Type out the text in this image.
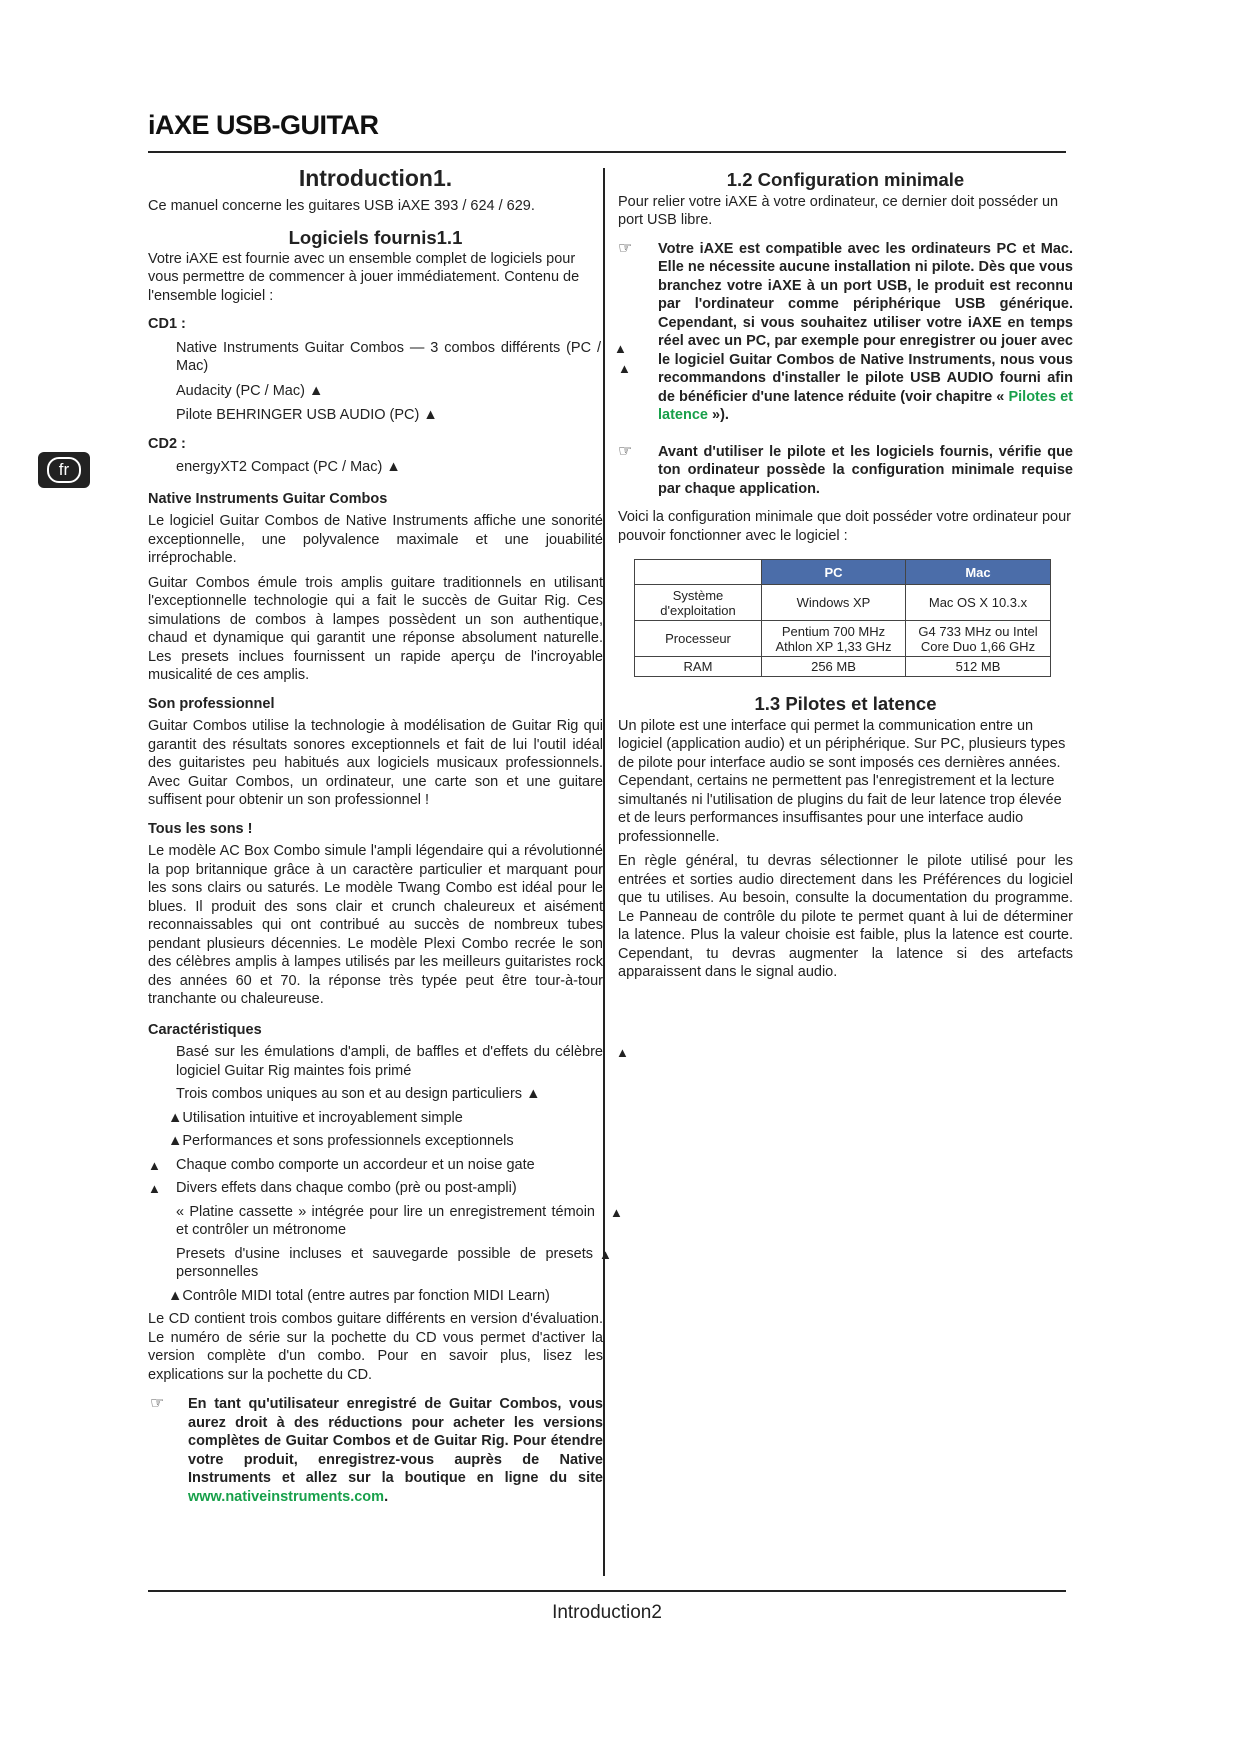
iAXE USB-GUITAR
fr
Introduction1.

Ce manuel concerne les guitares USB iAXE 393 / 624 / 629.

Logiciels fournis1.1

Votre iAXE est fournie avec un ensemble complet de logiciels pour vous permettre de commencer à jouer immédiatement. Contenu de l'ensemble logiciel :

CD1 :

Native Instruments Guitar Combos — 3 combos différents (PC / Mac)

▲

Audacity (PC / Mac) ▲

Pilote BEHRINGER USB AUDIO (PC) ▲

CD2 :

energyXT2 Compact (PC / Mac) ▲

Native Instruments Guitar Combos

Le logiciel Guitar Combos de Native Instruments affiche une sonorité exceptionnelle, une polyvalence maximale et une jouabilité irréprochable.

Guitar Combos émule trois amplis guitare traditionnels en utilisant l'exceptionnelle technologie qui a fait le succès de Guitar Rig. Ces simulations de combos à lampes possèdent un son authentique, chaud et dynamique qui garantit une réponse absolument naturelle. Les presets inclues fournissent un rapide aperçu de l'incroyable musicalité de ces amplis.

Son professionnel

Guitar Combos utilise la technologie à modélisation de Guitar Rig qui garantit des résultats sonores exceptionnels et fait de lui l'outil idéal des guitaristes peu habitués aux logiciels musicaux professionnels. Avec Guitar Combos, un ordinateur, une carte son et une guitare suffisent pour obtenir un son professionnel !

Tous les sons !

Le modèle AC Box Combo simule l'ampli légendaire qui a révolutionné la pop britannique grâce à un caractère particulier et marquant pour les sons clairs ou saturés. Le modèle Twang Combo est idéal pour le blues. Il produit des sons clair et crunch chaleureux et aisément reconnaissables qui ont contribué au succès de nombreux tubes pendant plusieurs décennies. Le modèle Plexi Combo recrée le son des célèbres amplis à lampes utilisés par les meilleurs guitaristes rock des années 60 et 70. la réponse très typée peut être tour-à-tour tranchante ou chaleureuse.

Caractéristiques

Basé sur les émulations d'ampli, de baffles et d'effets du célèbre logiciel Guitar Rig maintes fois primé

▲

Trois combos uniques au son et au design particuliers ▲

▲Utilisation intuitive et incroyablement simple

▲Performances et sons professionnels exceptionnels

▲ Chaque combo comporte un accordeur et un noise gate

▲ Divers effets dans chaque combo (prè ou post-ampli)

« Platine cassette » intégrée pour lire un enregistrement témoin et contrôler un métronome
▲

Presets d'usine incluses et sauvegarde possible de presets personnelles
▲

▲Contrôle MIDI total (entre autres par fonction MIDI Learn)

Le CD contient trois combos guitare différents en version d'évaluation. Le numéro de série sur la pochette du CD vous permet d'activer la version complète d'un combo. Pour en savoir plus, lisez les explications sur la pochette du CD.

☞	En tant qu'utilisateur enregistré de Guitar Combos, vous aurez droit à des réductions pour acheter les versions complètes de Guitar Combos et de Guitar Rig. Pour étendre votre produit, enregistrez-vous auprès de Native Instruments et allez sur la boutique en ligne du site www.nativeinstruments.com.

1.2 Configuration minimale

Pour relier votre iAXE à votre ordinateur, ce dernier doit posséder un port USB libre.

☞
▲

Votre iAXE est compatible avec les ordinateurs PC et Mac. Elle ne nécessite aucune installation ni pilote. Dès que vous branchez votre iAXE à un port USB, le produit est reconnu par l'ordinateur comme périphérique USB générique. Cependant, si vous souhaitez utiliser votre iAXE en temps réel avec un PC, par exemple pour enregistrer ou jouer avec le logiciel Guitar Combos de Native Instruments, nous vous recommandons d'installer le pilote USB AUDIO fourni afin de bénéficier d'une latence réduite (voir chapitre « Pilotes et latence »).

☞	Avant d'utiliser le pilote et les logiciels fournis, vérifie que ton ordinateur possède la configuration minimale requise par chaque application.

Voici la configuration minimale que doit posséder votre ordinateur pour pouvoir fonctionner avec le logiciel :

	PC	Mac
Système d'exploitation	Windows XP	Mac OS X 10.3.x
Processeur	Pentium 700 MHz Athlon XP 1,33 GHz	G4 733 MHz ou Intel Core Duo 1,66 GHz
RAM	256 MB	512 MB
1.3 Pilotes et latence

Un pilote est une interface qui permet la communication entre un logiciel (application audio) et un périphérique. Sur PC, plusieurs types de pilote pour interface audio se sont imposés ces dernières années. Cependant, certains ne permettent pas l'enregistrement et la lecture simultanés ni l'utilisation de plugins du fait de leur latence trop élevée et de leurs performances insuffisantes pour une interface audio professionnelle.

En règle général, tu devras sélectionner le pilote utilisé pour les entrées et sorties audio directement dans les Préférences du logiciel que tu utilises. Au besoin, consulte la documentation du programme. Le Panneau de contrôle du pilote te permet quant à lui de déterminer la latence. Plus la valeur choisie est faible, plus la latence est courte. Cependant, tu devras augmenter la latence si des artefacts apparaissent dans le signal audio.

Introduction2
